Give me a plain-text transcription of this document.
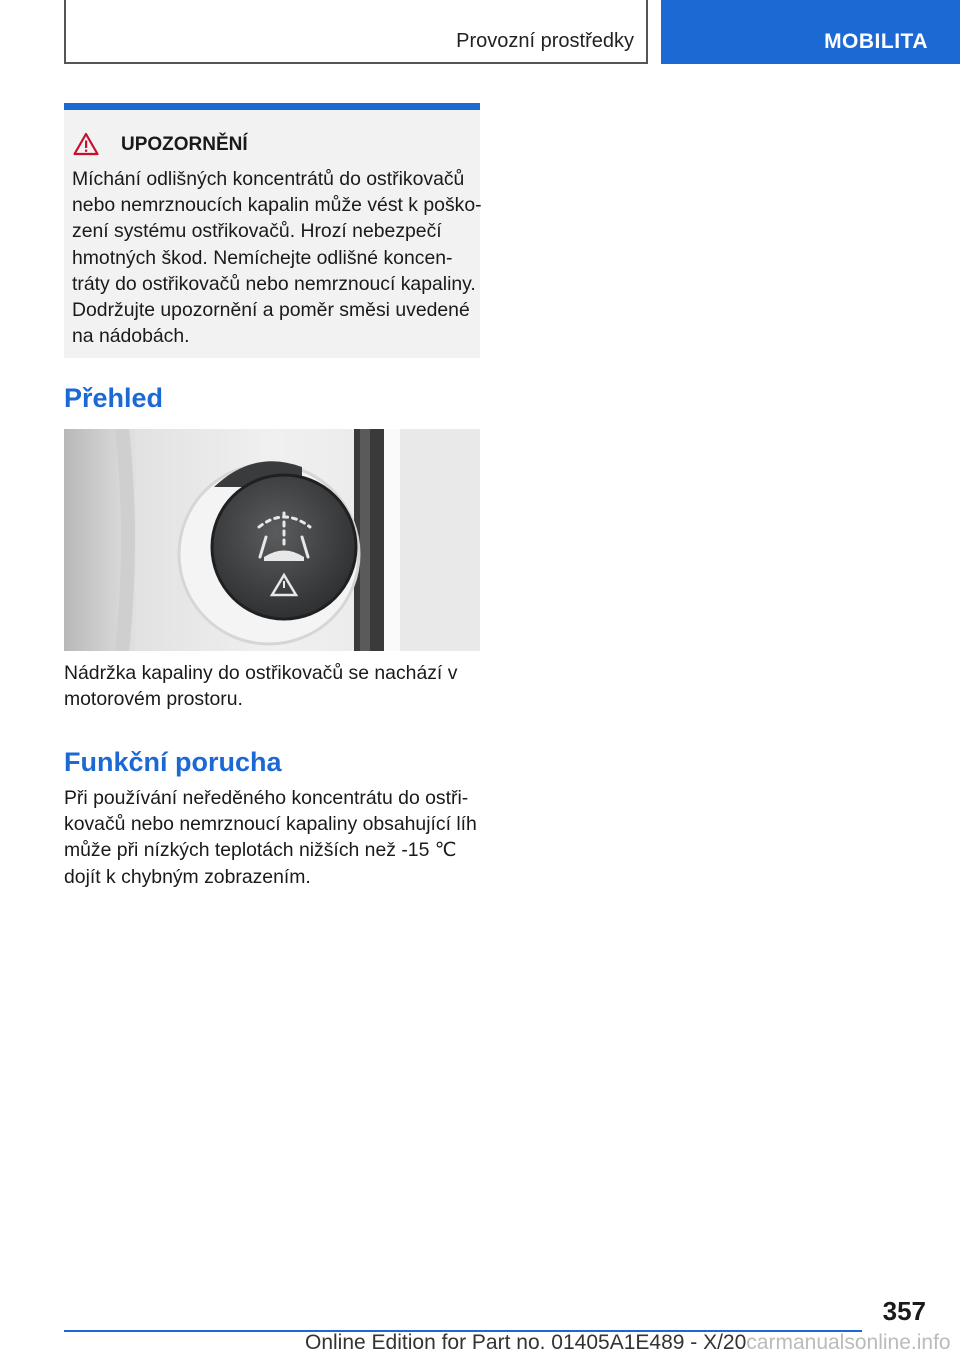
Provozní prostředky	MOBILITA
UPOZORNĚNÍ
Míchání odlišných koncentrátů do ostřikovačů
nebo nemrznoucích kapalin může vést k poško-
zení systému ostřikovačů. Hrozí nebezpečí
hmotných škod. Nemíchejte odlišné koncen-
tráty do ostřikovačů nebo nemrznoucí kapaliny.
Dodržujte upozornění a poměr směsi uvedené
na nádobách.
Přehled
Nádržka kapaliny do ostřikovačů se nachází v
motorovém prostoru.
Funkční porucha
Při používání neředěného koncentrátu do ostři-
kovačů nebo nemrznoucí kapaliny obsahující líh
může při nízkých teplotách nižších než -15 ℃
dojít k chybným zobrazením.
357
Online Edition for Part no. 01405A1E489 - X/20carmanualsonline.info
